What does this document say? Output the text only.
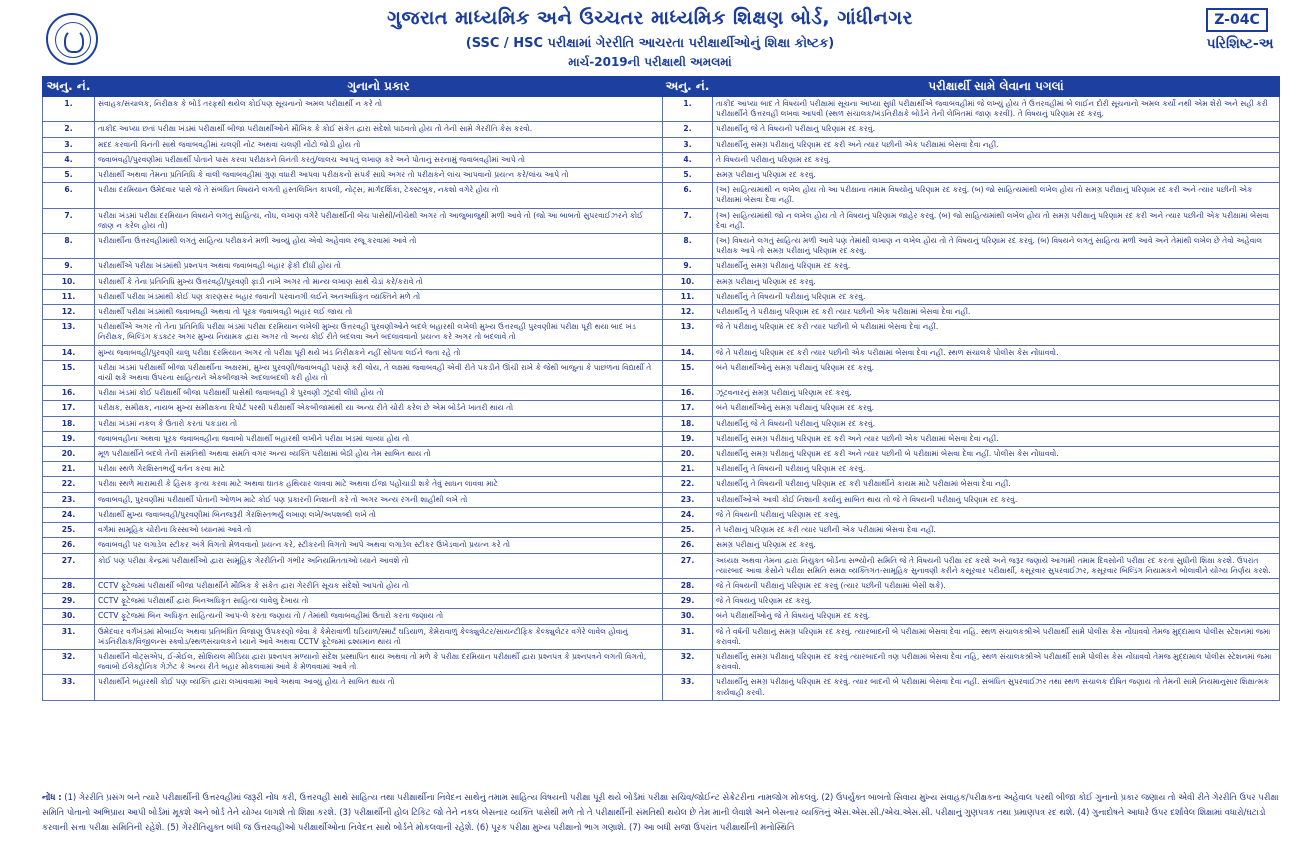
ગુજરાત માધ્યમિક અને ઉચ્ચતર માધ્યમિક શિક્ષણ બોર્ડ, ગાંધીનગર
(SSC / HSC પરીક્ષામાં ગેરરીતિ આચરતા પરીક્ષાર્થીઓનું શિક્ષા કોષ્ટક)
માર્ચ-2019ની પરીક્ષાથી અમલમાં
Z-04C
પરિશિષ્ટ-અ
અનુ. નં.	ગુનાનો પ્રકાર	અનુ. નં.	પરીક્ષાર્થી સામે લેવાના પગલાં
1.	સંવાહક/સંચાલક, નિરીક્ષક કે બોર્ડ તરફથી થયેલ કોઈપણ સૂચનાનો અમલ પરીક્ષાર્થી ન કરે તો	1.	તાકીદ આપ્યા બાદ તે વિષયની પરીક્ષામાં સૂચના આપ્યા સુધી પરીક્ષાર્થીએ જવાબવહીમાં જે લખ્યું હોય તે ઉત્તરવહીમાં બે લાઈન દોરી સૂચનાનો અમલ કર્યો નથી એમ શેરો અને સહી કરી પરીક્ષાર્થીને ઉત્તરવહી લખવા આપવી (સ્થળ સંચાલક/ખંડનિરીક્ષકે બોર્ડને તેની લેખિતમાં જાણ કરવી). તે વિષયનું પરિણામ રદ કરવું.
2.	તાકીદ આપ્યા છતાં પરીક્ષા ખંડમાં પરીક્ષાર્થી બીજા પરીક્ષાર્થીઓને મૌખિક કે કોઈ સંકેત દ્વારા સંદેશો પાઠવતો હોય તો તેની સામે ગેરરીતિ કેસ કરવો.	2.	પરીક્ષાર્થીનું જે તે વિષયની પરીક્ષાનું પરિણામ રદ કરવું.
3.	મદદ કરવાની વિનંતી સાથે જવાબવહીમાં ચલણી નોટ અથવા ચલણી નોટો જોડી હોય તો	3.	પરીક્ષાર્થીનું સમગ્ર પરીક્ષાનું પરિણામ રદ કરી અને ત્યાર પછીની એક પરીક્ષામાં બેસવા દેવા નહીં.
4.	જવાબવહી/પુરવણીમાં પરીક્ષાર્થી પોતાને પાસ કરવા પરીક્ષકને વિનંતી કરતું/લાલચ આપતું લખાણ કરે અને પોતાનું સરનામું જવાબવહીમાં આપે તો	4.	તે વિષયની પરીક્ષાનું પરિણામ રદ કરવું.
5.	પરીક્ષાર્થી અથવા તેમના પ્રતિનિધિ કે વાલી જવાબવહીમાં ગુણ વધારી આપવા પરીક્ષકનો સંપર્ક સાધે અગર તો પરીક્ષકને લાંચ આપવાનો પ્રયત્ન કરે/લાંચ આપે તો	5.	સમગ્ર પરીક્ષાનું પરિણામ રદ કરવું.
6.	પરીક્ષા દરમિયાન ઉમેદવાર પાસે જે તે સંબંધિત વિષયને લગતી હસ્તલિખિત કાપલી, નોટ્સ, માર્ગદર્શિકા, ટેક્સ્ટબુક, નકશો વગેરે હોય તો	6.	(અ) સાહિત્યમાંથી ન લખેલ હોય તો આ પરીક્ષાના તમામ વિષયોનું પરિણામ રદ કરવું. (બ) જો સાહિત્યમાંથી લખેલ હોય તો સમગ્ર પરીક્ષાનું પરિણામ રદ કરી અને ત્યાર પછીની એક પરીક્ષામાં બેસવા દેવા નહીં.
7.	પરીક્ષા ખંડમાં પરીક્ષા દરમિયાન વિષયને લગતું સાહિત્ય, નોંધ, લખાણ વગેરે પરીક્ષાર્થીની બેંચ પાસેથી/નીચેથી અગર તો આજુબાજુથી મળી આવે તો (જો આ બાબતો સુપરવાઈઝરને કોઈ જાણ ન કરેલ હોય તો)	7.	(અ) સાહિત્યમાંથી જો ન લખેલ હોય તો તે વિષયનું પરિણામ જાહેર કરવું. (બ) જો સાહિત્યમાંથી લખેલ હોય તો સમગ્ર પરીક્ષાનું પરિણામ રદ કરી અને ત્યાર પછીની એક પરીક્ષામાં બેસવા દેવા નહીં.
8.	પરીક્ષાર્થીના ઉત્તરવહીમાંથી લગતું સાહિત્ય પરીક્ષકને મળી આવ્યું હોય એવો અહેવાલ રજૂ કરવામાં આવે તો	8.	(અ) વિષયને લગતું સાહિત્ય મળી આવે પણ તેમાંથી લખાણ ન લખેલ હોય તો તે વિષયનું પરિણામ રદ કરવું. (બ) વિષયને લગતું સાહિત્ય મળી આવે અને તેમાંથી લખેલ છે તેવો અહેવાલ પરીક્ષક આપે તો સમગ્ર પરીક્ષાનું પરિણામ રદ કરવું.
9.	પરીક્ષાર્થીએ પરીક્ષા ખંડમાંથી પ્રશ્નપત્ર અથવા જવાબવહી બહાર ફેંકી દીધી હોય તો	9.	પરીક્ષાર્થીનું સમગ્ર પરીક્ષાનું પરિણામ રદ કરવું.
10.	પરીક્ષાર્થી કે તેના પ્રતિનિધિ મુખ્ય ઉત્તરવહી/પુરવણી ફાડી નાખે અગર તો માન્ય લખાણ સાથે ચેડાં કરે/કરાવે તો	10.	સમગ્ર પરીક્ષાનું પરિણામ રદ કરવું.
11.	પરીક્ષાર્થી પરીક્ષા ખંડમાંથી કોઈ પણ કારણસર બહાર જવાની પરવાનગી લઈને અનઅધિકૃત વ્યક્તિને મળે તો	11.	પરીક્ષાર્થીનું તે વિષયની પરીક્ષાનું પરિણામ રદ કરવું.
12.	પરીક્ષાર્થી પરીક્ષા ખંડમાંથી જવાબવહી અથવા તો પૂરક જવાબવહી બહાર લઈ જાય તો	12.	પરીક્ષાર્થીનું તે પરીક્ષાનું પરિણામ રદ કરી ત્યાર પછીની એક પરીક્ષામાં બેસવા દેવા નહીં.
13.	પરીક્ષાર્થીએ અગર તો તેના પ્રતિનિધિ પરીક્ષા ખંડમાં પરીક્ષા દરમિયાન લખેલી મુખ્ય ઉત્તરવહી પુરવણીઓને બદલે બહારથી લખેલી મુખ્ય ઉત્તરવહી પુરવણીમાં પરીક્ષા પૂરી થયા બાદ ખંડ નિરીક્ષક, બિલ્ડિંગ કંડક્ટર અગર મુખ્ય નિયામક દ્વારા અગર તો અન્ય કોઈ રીતે બદલવા અને બદલાવવાનો પ્રયત્ન કરે અગર તો બદલાવે તો	13.	જે તે પરીક્ષાનું પરિણામ રદ કરી ત્યાર પછીની બે પરીક્ષામાં બેસવા દેવા નહીં.
14.	મુખ્ય જવાબવહી/પુરવણી ચાલુ પરીક્ષા દરમિયાન અગર તો પરીક્ષા પૂરી થયે ખંડ નિરીક્ષકને નહીં સોંપતા લઈને જતા રહે તો	14.	જે તે પરીક્ષાનું પરિણામ રદ કરી ત્યાર પછીની એક પરીક્ષામાં બેસવા દેવા નહીં. સ્થળ સંચાલકે પોલીસ કેસ નોંધાવવો.
15.	પરીક્ષા ખંડમાં પરીક્ષાર્થી બીજા પરીક્ષાર્થીના અક્ષરમાં, મુખ્ય પુરવણી/જવાબવહી પરાણે કરી લોય, તે લક્ષમાં જવાબવહી એવી રીતે પકડીને ઊંચી રાખે કે જેથી બાજુના કે પાછળના વિદ્યાર્થી તે વાંચી શકે અથવા ઉપરના સાહિત્યને એકબીજાએ અદલાબદલી કરી હોય તો	15.	બંને પરીક્ષાર્થીઓનું સમગ્ર પરીક્ષાનું પરિણામ રદ કરવું.
16.	પરીક્ષા ખંડમાં કોઈ પરીક્ષાર્થી બીજા પરીક્ષાર્થી પાસેથી જવાબવહી કે પુરવણી ઝૂંટવી લીધી હોય તો	16.	ઝૂંટવનારનું સમગ્ર પરીક્ષાનું પરિણામ રદ કરવું.
17.	પરીક્ષક, સમીક્ષક, નાયબ મુખ્ય સમીક્ષકના રિપોર્ટ પરથી પરીક્ષાર્થી એકબીજામાંથી યા અન્ય રીતે ચોરી કરેલ છે એમ બોર્ડને ખાતરી થાય તો	17.	બંને પરીક્ષાર્થીઓનું સમગ્ર પરીક્ષાનું પરિણામ રદ કરવું.
18.	પરીક્ષા ખંડમાં નકલ કે ઉતારો કરતાં પકડાય તો	18.	પરીક્ષાર્થીનું જે તે વિષયની પરીક્ષાનું પરિણામ રદ કરવું.
19.	જવાબવહીના અથવા પૂરક જવાબવહીના જવાબો પરીક્ષાર્થી બહારથી લખીને પરીક્ષા ખંડમાં લાવ્યા હોય તો	19.	પરીક્ષાર્થીનું સમગ્ર પરીક્ષાનું પરિણામ રદ કરી અને ત્યાર પછીની એક પરીક્ષામાં બેસવા દેવા નહીં.
20.	મૂળ પરીક્ષાર્થીને બદલે તેની સંમતિથી અથવા સંમતિ વગર અન્ય વ્યક્તિ પરીક્ષામાં બેઠી હોય તેમ સાબિત થાય તો	20.	પરીક્ષાર્થીનું સમગ્ર પરીક્ષાનું પરિણામ રદ કરી અને ત્યાર પછીની બે પરીક્ષામાં બેસવા દેવા નહીં. પોલીસ કેસ નોંધાવવો.
21.	પરીક્ષા સ્થળે ગેરશિસ્તભર્યું વર્તન કરવા માટે	21.	પરીક્ષાર્થીનું તે વિષયની પરીક્ષાનું પરિણામ રદ કરવું.
22.	પરીક્ષા સ્થળે મારામારી કે હિંસક કૃત્ય કરવા માટે અથવા ઘાતક હથિયાર લાવવા માટે અથવા ઈજા પહોંચાડી શકે તેવું સાધન લાવવા માટે	22.	પરીક્ષાર્થીનું તે વિષયની પરીક્ષાનું પરિણામ રદ કરી પરીક્ષાર્થીને કાયમ માટે પરીક્ષામાં બેસવા દેવા નહીં.
23.	જવાબવહી, પુરવણીમાં પરીક્ષાર્થી પોતાની ઓળખ માટે કોઈ પણ પ્રકારની નિશાની કરે તો અગર અન્ય રંગની શાહીથી લખે તો	23.	પરીક્ષાર્થીઓએ આવી કોઈ નિશાની કર્યાનું સાબિત થાય તો જે તે વિષયની પરીક્ષાનું પરિણામ રદ કરવું.
24.	પરીક્ષાર્થી મુખ્ય જવાબવહી/પુરવણીમાં બિનજરૂરી ગેરશિસ્તભર્યું લખાણ લખે/અપશબ્દો લખે તો	24.	જે તે વિષયની પરીક્ષાનું પરિણામ રદ કરવું.
25.	વર્ગમાં સામૂહિક ચોરીના કિસ્સાઓ ધ્યાનમાં આવે તો	25.	તે પરીક્ષાનું પરિણામ રદ કરી ત્યાર પછીની એક પરીક્ષામાં બેસવા દેવા નહીં.
26.	જવાબવહી પર લગાડેલ સ્ટીકર અંગે વિગતો મેળવવાનો પ્રયત્ન કરે, સ્ટીકરની વિગતો આપે અથવા લગાડેલ સ્ટીકર ઉખેડવાનો પ્રયત્ન કરે તો	26.	સમગ્ર પરીક્ષાનું પરિણામ રદ કરવું.
27.	કોઈ પણ પરીક્ષા કેન્દ્રમાં પરીક્ષાર્થીઓ દ્વારા સામૂહિક ગેરરીતિની ગંભીર અનિયમિતતાઓ ધ્યાને આવશે તો	27.	અધ્યક્ષ અથવા તેમના દ્વારા નિયુક્ત બોર્ડના સભ્યોની સમિતિ જે તે વિષયની પરીક્ષા રદ કરશે અને જરૂર જણાયે આગામી તમામ દિવસોની પરીક્ષા રદ કરતાં સુધીની શિક્ષા કરશે. ઉપરાંત ત્યારબાદ આવા કેસોને પરીક્ષા સમિતિ સમક્ષ વ્યક્તિગત-સામૂહિક સુનાવણી કરીને કસૂરવાર પરીક્ષાર્થી, કસૂરવાર સુપરવાઈઝર, કસૂરવાર બિલ્ડિંગ નિયામકને બોલાવીને યોગ્ય નિર્ણય કરશે.
28.	CCTV ફૂટેજમાં પરીક્ષાર્થી બીજા પરીક્ષાર્થીને મૌખિક કે સંકેત દ્વારા ગેરરીતિ સૂચક સંદેશો આપતો હોય તો	28.	જે તે વિષયની પરીક્ષાનું પરિણામ રદ કરવું (ત્યાર પછીની પરીક્ષામાં બેસી શકે).
29.	CCTV ફૂટેજમાં પરીક્ષાર્થી દ્વારા બિનઅધિકૃત સાહિત્ય લાવેલું દેખાય તો	29.	જે તે વિષયનું પરિણામ રદ કરવું.
30.	CCTV ફૂટેજમાં બિન અધિકૃત સાહિત્યની આપ-લે કરતા જણાય તો / તેમાંથી જવાબવહીમાં ઉતારો કરતા જણાય તો	30.	બંને પરીક્ષાર્થીઓનું જે તે વિષયનું પરિણામ રદ કરવું.
31.	ઉમેદવાર વર્ગખંડમાં મોબાઈલ અથવા પ્રતિબંધિત વિજાણુ ઉપકરણો જેવા કે કેમેરાવાળી ઘડિયાળ/સ્માર્ટ ઘડિયાળ, કેમેરાવાળું કેલ્ક્યુલેટર/સાયન્ટીફિક કેલ્ક્યુલેટર વગેરે લાવેલ હોવાનું ખંડનિરીક્ષક/વિજીલન્સ સ્ક્વોડ/સ્થળસંચાલકને ધ્યાને આવે અથવા CCTV ફૂટેજમાં દ્રશ્યમાન થાય તો	31.	જે તે વર્ષની પરીક્ષાનું સમગ્ર પરિણામ રદ કરવું. ત્યારબાદની બે પરીક્ષામાં બેસવા દેવા નહિ. સ્થળ સંચાલકશ્રીએ પરીક્ષાર્થી સામે પોલીસ કેસ નોંધાવવો તેમજ મુદ્દામાલ પોલીસ સ્ટેશનમાં જમા કરાવવો.
32.	પરીક્ષાર્થીને વોટ્સએપ, ઈ-મેઈલ, સોશિયલ મીડિયા દ્વારા પ્રશ્નપત્ર મળ્યાનો સંદેશ પ્રસ્થાપિત થાય અથવા તો મળે કે પરીક્ષા દરમિયાન પરીક્ષાર્થી દ્વારા પ્રશ્નપત્ર કે પ્રશ્નપત્રને લગતી વિગતો, જવાબો ઈલેક્ટ્રોનિક ગેઝેટ કે અન્ય રીતે બહાર મોકલવામાં આવે કે મેળવવામાં આવે તો	32.	પરીક્ષાર્થીનું સમગ્ર પરીક્ષાનું પરિણામ રદ કરવું ત્યારબાદની ત્રણ પરીક્ષામાં બેસવા દેવા નહિ, સ્થળ સંચાલકશ્રીએ પરીક્ષાર્થી સામે પોલીસ કેસ નોંધાવવો તેમજ મુદ્દામાલ પોલીસ સ્ટેશનમાં જમા કરાવવો.
33.	પરીક્ષાર્થીને બહારથી કોઈ પણ વ્યક્તિ દ્વારા લખાવવામાં આવે અથવા આવ્યું હોય તે સાબિત થાય તો	33.	પરીક્ષાર્થીનું સમગ્ર પરીક્ષાનું પરિણામ રદ કરવું. ત્યાર બાદની બે પરીક્ષામાં બેસવા દેવા નહીં. સંબંધિત સુપરવાઈઝર તથા સ્થળ સંચાલક દોષિત જણાય તો તેમની સામે નિયમાનુસાર શિક્ષાત્મક કાર્યવાહી કરવી.
નોંધ : (1) ગેરરીતિ પ્રસંગ બને ત્યારે પરીક્ષાર્થીની ઉત્તરવહીમાં જરૂરી નોંધ કરી, ઉત્તરવહી સાથે સાહિત્ય તથા પરીક્ષાર્થીના નિવેદન સાથેનું તમામ સાહિત્ય વિષયની પરીક્ષા પૂરી થયે બોર્ડમાં પરીક્ષા સચિવ/જોઈન્ટ સેક્રેટરીના નામજોગ મોકલવું. (2) ઉપર્યુક્ત બાબતો સિવાય મુખ્ય સંવાહક/પરીક્ષકના અહેવાલ પરથી બીજા કોઈ ગુનાનો પ્રકાર જણાય તો એવી રીતે ગેરરીતિ ઉપર પરીક્ષા સમિતિ પોતાનો અભિપ્રાય આપી બોર્ડમાં મૂકશે અને બોર્ડ તેને યોગ્ય લાગશે તો શિક્ષા કરશે. (3) પરીક્ષાર્થીની હોલ ટિકિટ જો તેને નકલ બેસનાર વ્યક્તિ પાસેથી મળે તો તે પરીક્ષાર્થીની સંમતિથી થયેલ છે તેમ માની લેવાશે અને બેસનાર વ્યક્તિનું એસ.એસ.સી./એચ.એસ.સી. પરીક્ષાનું ગુણપત્રક તથા પ્રમાણપત્ર રદ થશે. (4) ગુનાદોષને આધારે ઉપર દર્શાવેલ શિક્ષામાં વધારો/ઘટાડો કરવાની સત્તા પરીક્ષા સમિતિની રહેશે. (5) ગેરરીતિયુક્ત બધી જ ઉત્તરવહીઓ પરીક્ષાર્થીઓના નિવેદન સાથે બોર્ડને મોકલવાની રહેશે. (6) પૂરક પરીક્ષા મુખ્ય પરીક્ષાનો ભાગ ગણાશે. (7) આ બધી સજા ઉપરાંત પરીક્ષાર્થીની મનોસ્થિતિ
